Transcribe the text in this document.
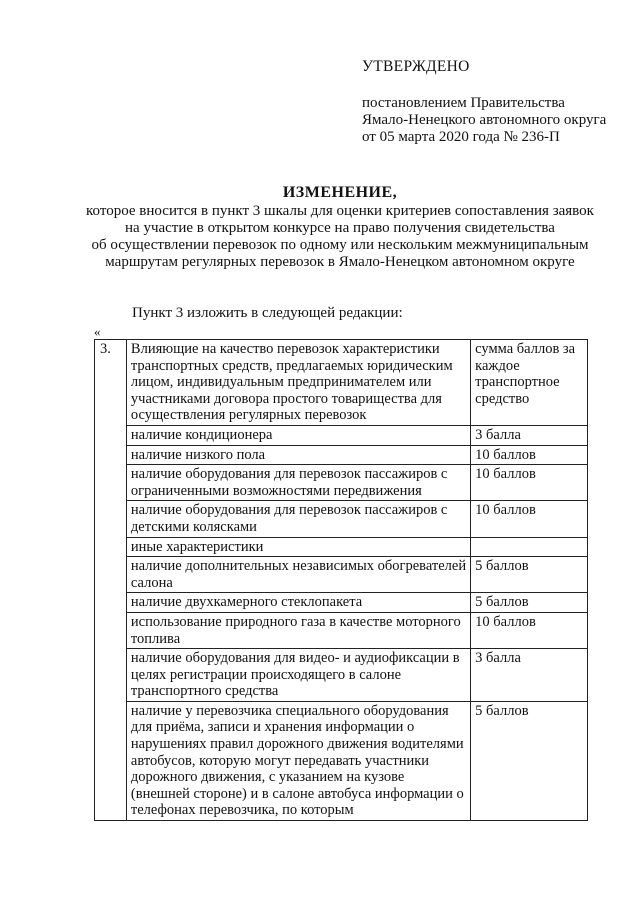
УТВЕРЖДЕНО
постановлением Правительства
Ямало-Ненецкого автономного округа
от 05 марта 2020 года № 236-П
ИЗМЕНЕНИЕ,
которое вносится в пункт 3 шкалы для оценки критериев сопоставления заявок
на участие в открытом конкурсе на право получения свидетельства
об осуществлении перевозок по одному или нескольким межмуниципальным
маршрутам регулярных перевозок в Ямало-Ненецком автономном округе
Пункт 3 изложить в следующей редакции:
«
3.	Влияющие на качество перевозок характеристики транспортных средств, предлагаемых юридическим лицом, индивидуальным предпринимателем или участниками договора простого товарищества для осуществления регулярных перевозок	сумма баллов за каждое транспортное средство
	наличие кондиционера	3 балла
	наличие низкого пола	10 баллов
	наличие оборудования для перевозок пассажиров с ограниченными возможностями передвижения	10 баллов
	наличие оборудования для перевозок пассажиров с детскими колясками	10 баллов
	иные характеристики	
	наличие дополнительных независимых обогревателей салона	5 баллов
	наличие двухкамерного стеклопакета	5 баллов
	использование природного газа в качестве моторного топлива	10 баллов
	наличие оборудования для видео- и аудиофиксации в целях регистрации происходящего в салоне транспортного средства	3 балла
	наличие у перевозчика специального оборудования для приёма, записи и хранения информации о нарушениях правил дорожного движения водителями автобусов, которую могут передавать участники дорожного движения, с указанием на кузове (внешней стороне) и в салоне автобуса информации о телефонах перевозчика, по которым	5 баллов
